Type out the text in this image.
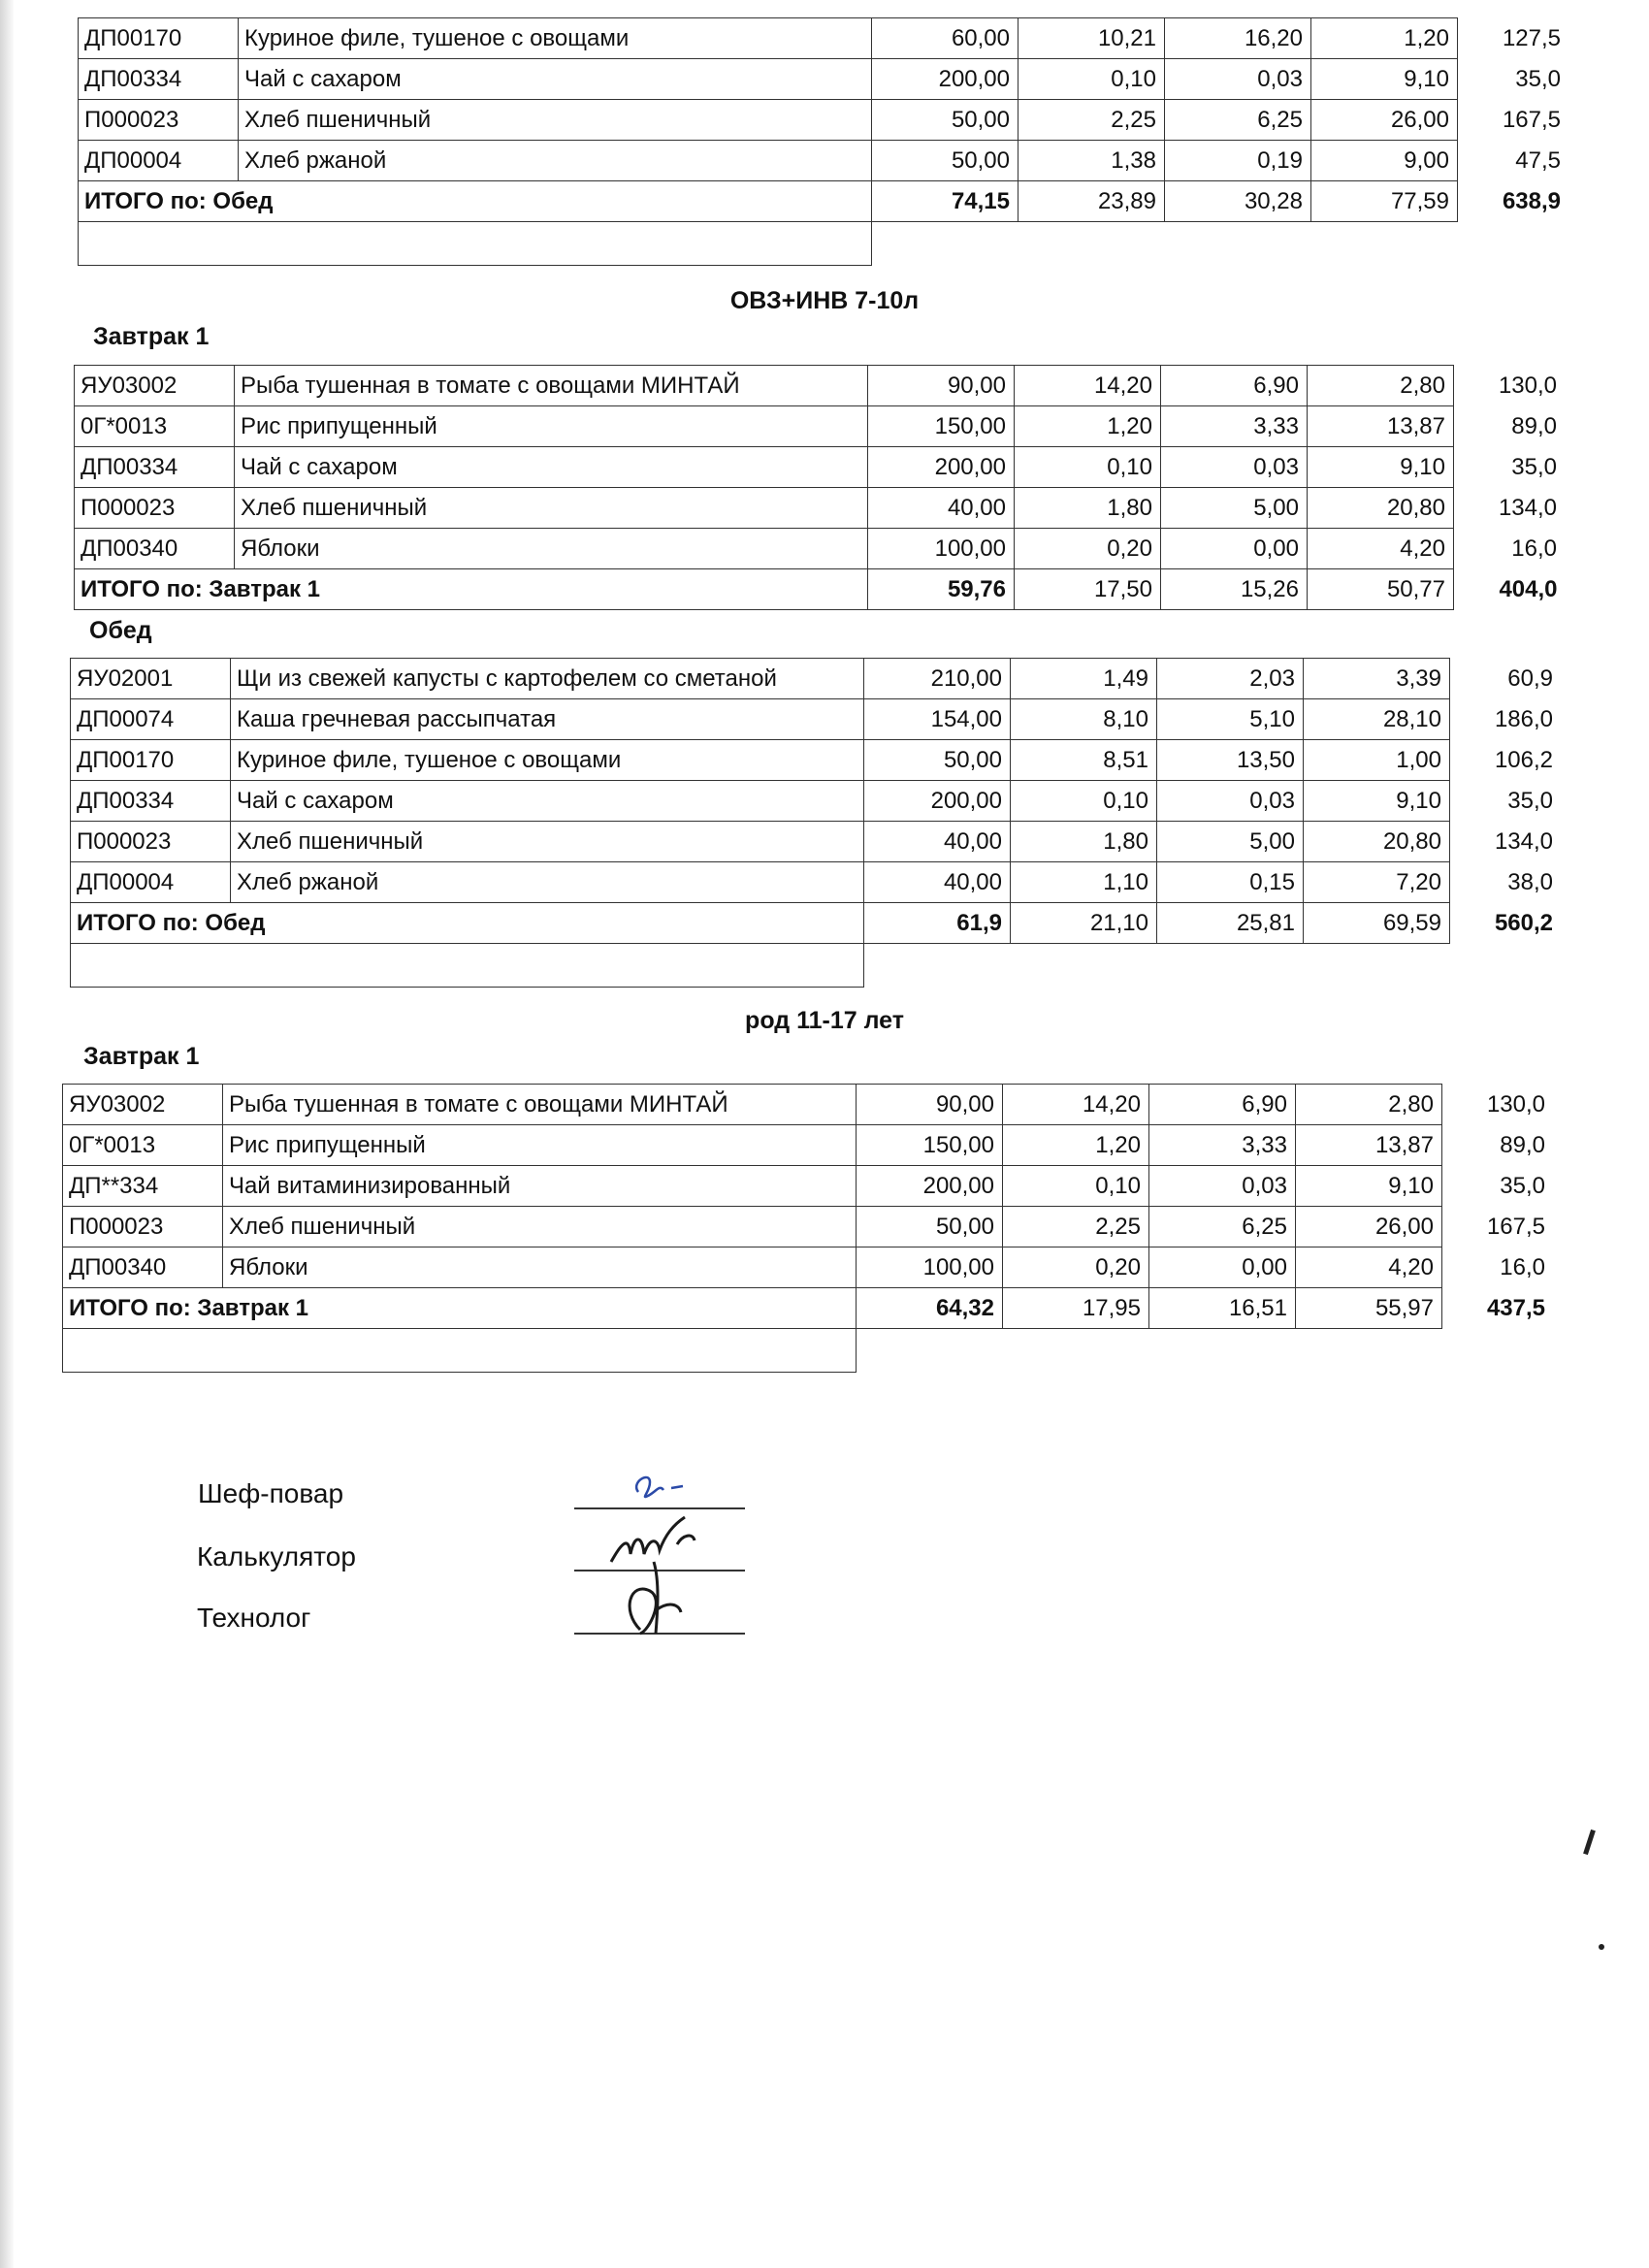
ДП00170	Куриное филе, тушеное с овощами	60,00	10,21	16,20	1,20	127,5
ДП00334	Чай с сахаром	200,00	0,10	0,03	9,10	35,0
П000023	Хлеб пшеничный	50,00	2,25	6,25	26,00	167,5
ДП00004	Хлеб ржаной	50,00	1,38	0,19	9,00	47,5
ИТОГО по: Обед		74,15	23,89	30,28	77,59	638,9

ОВЗ+ИНВ 7-10л
Завтрак 1
ЯУ03002	Рыба тушенная в томате с овощами МИНТАЙ	90,00	14,20	6,90	2,80	130,0
0Г*0013	Рис припущенный	150,00	1,20	3,33	13,87	89,0
ДП00334	Чай с сахаром	200,00	0,10	0,03	9,10	35,0
П000023	Хлеб пшеничный	40,00	1,80	5,00	20,80	134,0
ДП00340	Яблоки	100,00	0,20	0,00	4,20	16,0
ИТОГО по: Завтрак 1		59,76	17,50	15,26	50,77	404,0
Обед
ЯУ02001	Щи из свежей капусты с картофелем со сметаной	210,00	1,49	2,03	3,39	60,9
ДП00074	Каша гречневая рассыпчатая	154,00	8,10	5,10	28,10	186,0
ДП00170	Куриное филе, тушеное с овощами	50,00	8,51	13,50	1,00	106,2
ДП00334	Чай с сахаром	200,00	0,10	0,03	9,10	35,0
П000023	Хлеб пшеничный	40,00	1,80	5,00	20,80	134,0
ДП00004	Хлеб ржаной	40,00	1,10	0,15	7,20	38,0
ИТОГО по: Обед		61,9	21,10	25,81	69,59	560,2

род 11-17 лет
Завтрак 1
ЯУ03002	Рыба тушенная в томате с овощами МИНТАЙ	90,00	14,20	6,90	2,80	130,0
0Г*0013	Рис припущенный	150,00	1,20	3,33	13,87	89,0
ДП**334	Чай витаминизированный	200,00	0,10	0,03	9,10	35,0
П000023	Хлеб пшеничный	50,00	2,25	6,25	26,00	167,5
ДП00340	Яблоки	100,00	0,20	0,00	4,20	16,0
ИТОГО по: Завтрак 1		64,32	17,95	16,51	55,97	437,5

Шеф-повар
Калькулятор
Технолог
